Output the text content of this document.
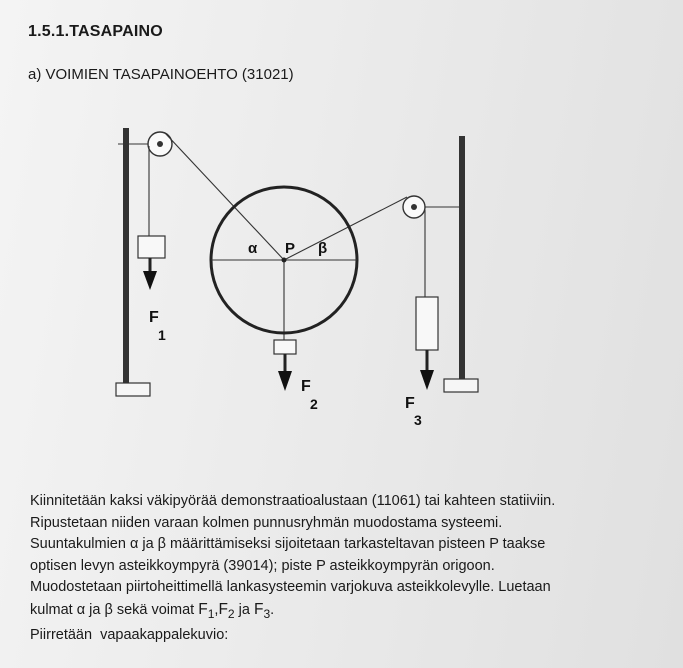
1.5.1.TASAPAINO
a) VOIMIEN TASAPAINOEHTO (31021)
α P β
F
1
F
2	F
3
Kiinnitetään kaksi väkipyörää demonstraatioalustaan (11061) tai kahteen statiiviin.
Ripustetaan niiden varaan kolmen punnusryhmän muodostama systeemi.
Suuntakulmien α ja β määrittämiseksi sijoitetaan tarkasteltavan pisteen P taakse
optisen levyn asteikkoympyrä (39014); piste P asteikkoympyrän origoon.
Muodostetaan piirtoheittimellä lankasysteemin varjokuva asteikkolevylle. Luetaan
kulmat α ja β sekä voimat $F_1,F_2$ ja $F_3$.
Piirretään  vapaakappalekuvio:
